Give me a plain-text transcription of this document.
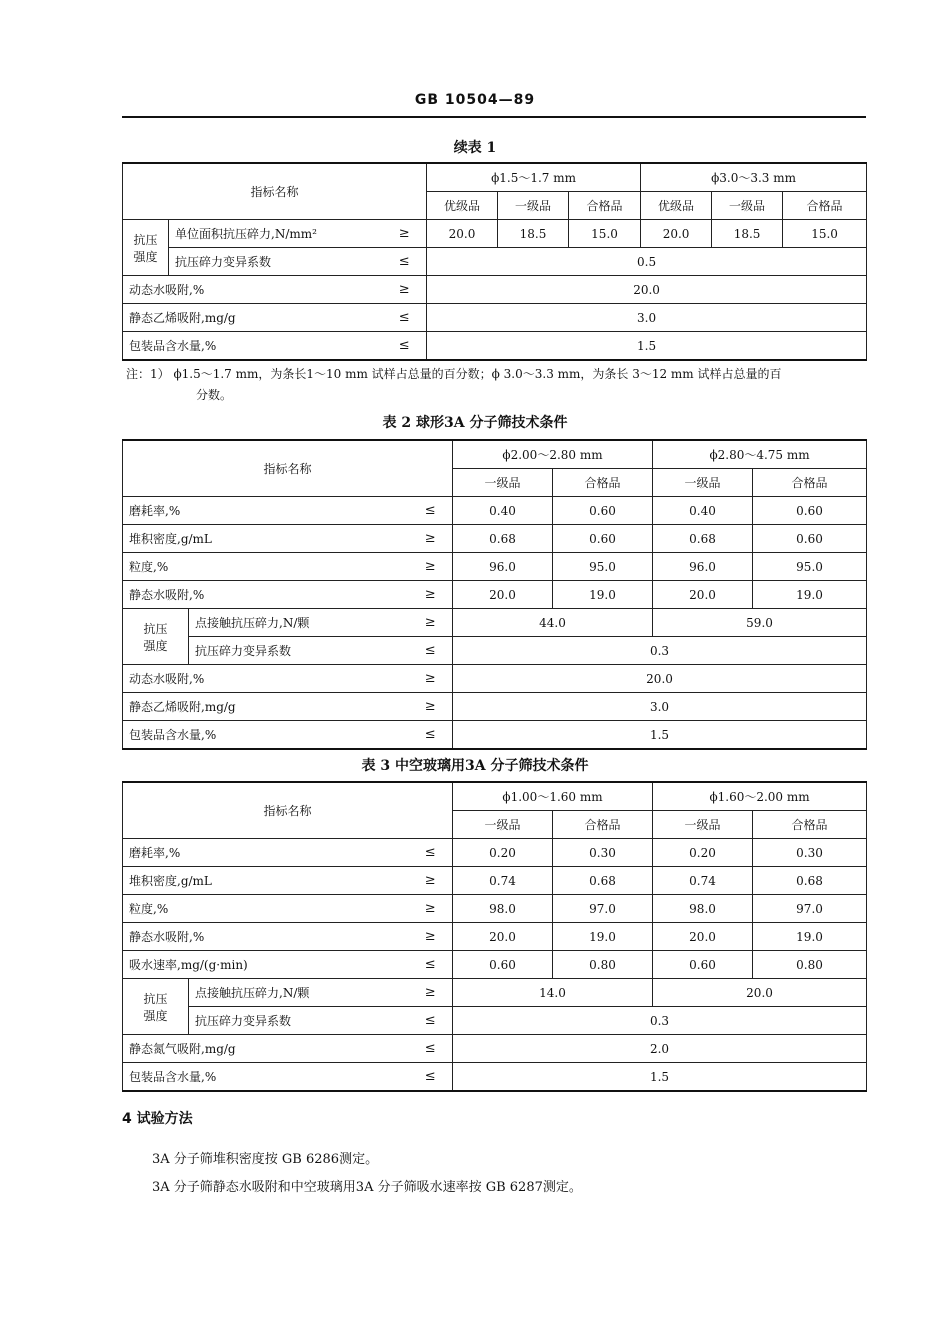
GB 10504—89
续表 1
指标名称			ϕ1.5～1.7 mm			ϕ3.0～3.3 mm		
			优级品	一级品	合格品	优级品	一级品	合格品
抗压
强度	单位面积抗压碎力,N/mm²	≥	20.0	18.5	15.0	20.0	18.5	15.0
	抗压碎力变异系数	≤	0.5					
动态水吸附,%		≥	20.0					
静态乙烯吸附,mg/g		≤	3.0					
包装品含水量,%		≤	1.5					
注：1） ϕ1.5～1.7 mm，为条长1～10 mm 试样占总量的百分数；ϕ 3.0～3.3 mm，为条长 3～12 mm 试样占总量的百
分数。
表 2 球形3A 分子筛技术条件
指标名称			ϕ2.00～2.80 mm		ϕ2.80～4.75 mm	
			一级品	合格品	一级品	合格品
磨耗率,%		≤	0.40	0.60	0.40	0.60
堆积密度,g/mL		≥	0.68	0.60	0.68	0.60
粒度,%		≥	96.0	95.0	96.0	95.0
静态水吸附,%		≥	20.0	19.0	20.0	19.0
抗压
强度	点接触抗压碎力,N/颗	≥	44.0		59.0	
	抗压碎力变异系数	≤	0.3			
动态水吸附,%		≥	20.0			
静态乙烯吸附,mg/g		≥	3.0			
包装品含水量,%		≤	1.5			
表 3 中空玻璃用3A 分子筛技术条件
指标名称			ϕ1.00～1.60 mm		ϕ1.60～2.00 mm	
			一级品	合格品	一级品	合格品
磨耗率,%		≤	0.20	0.30	0.20	0.30
堆积密度,g/mL		≥	0.74	0.68	0.74	0.68
粒度,%		≥	98.0	97.0	98.0	97.0
静态水吸附,%		≥	20.0	19.0	20.0	19.0
吸水速率,mg/(g·min)		≤	0.60	0.80	0.60	0.80
抗压
强度	点接触抗压碎力,N/颗	≥	14.0		20.0	
	抗压碎力变异系数	≤	0.3			
静态氮气吸附,mg/g		≤	2.0			
包装品含水量,%		≤	1.5			
4 试验方法
3A 分子筛堆积密度按 GB 6286测定。
3A 分子筛静态水吸附和中空玻璃用3A 分子筛吸水速率按 GB 6287测定。
